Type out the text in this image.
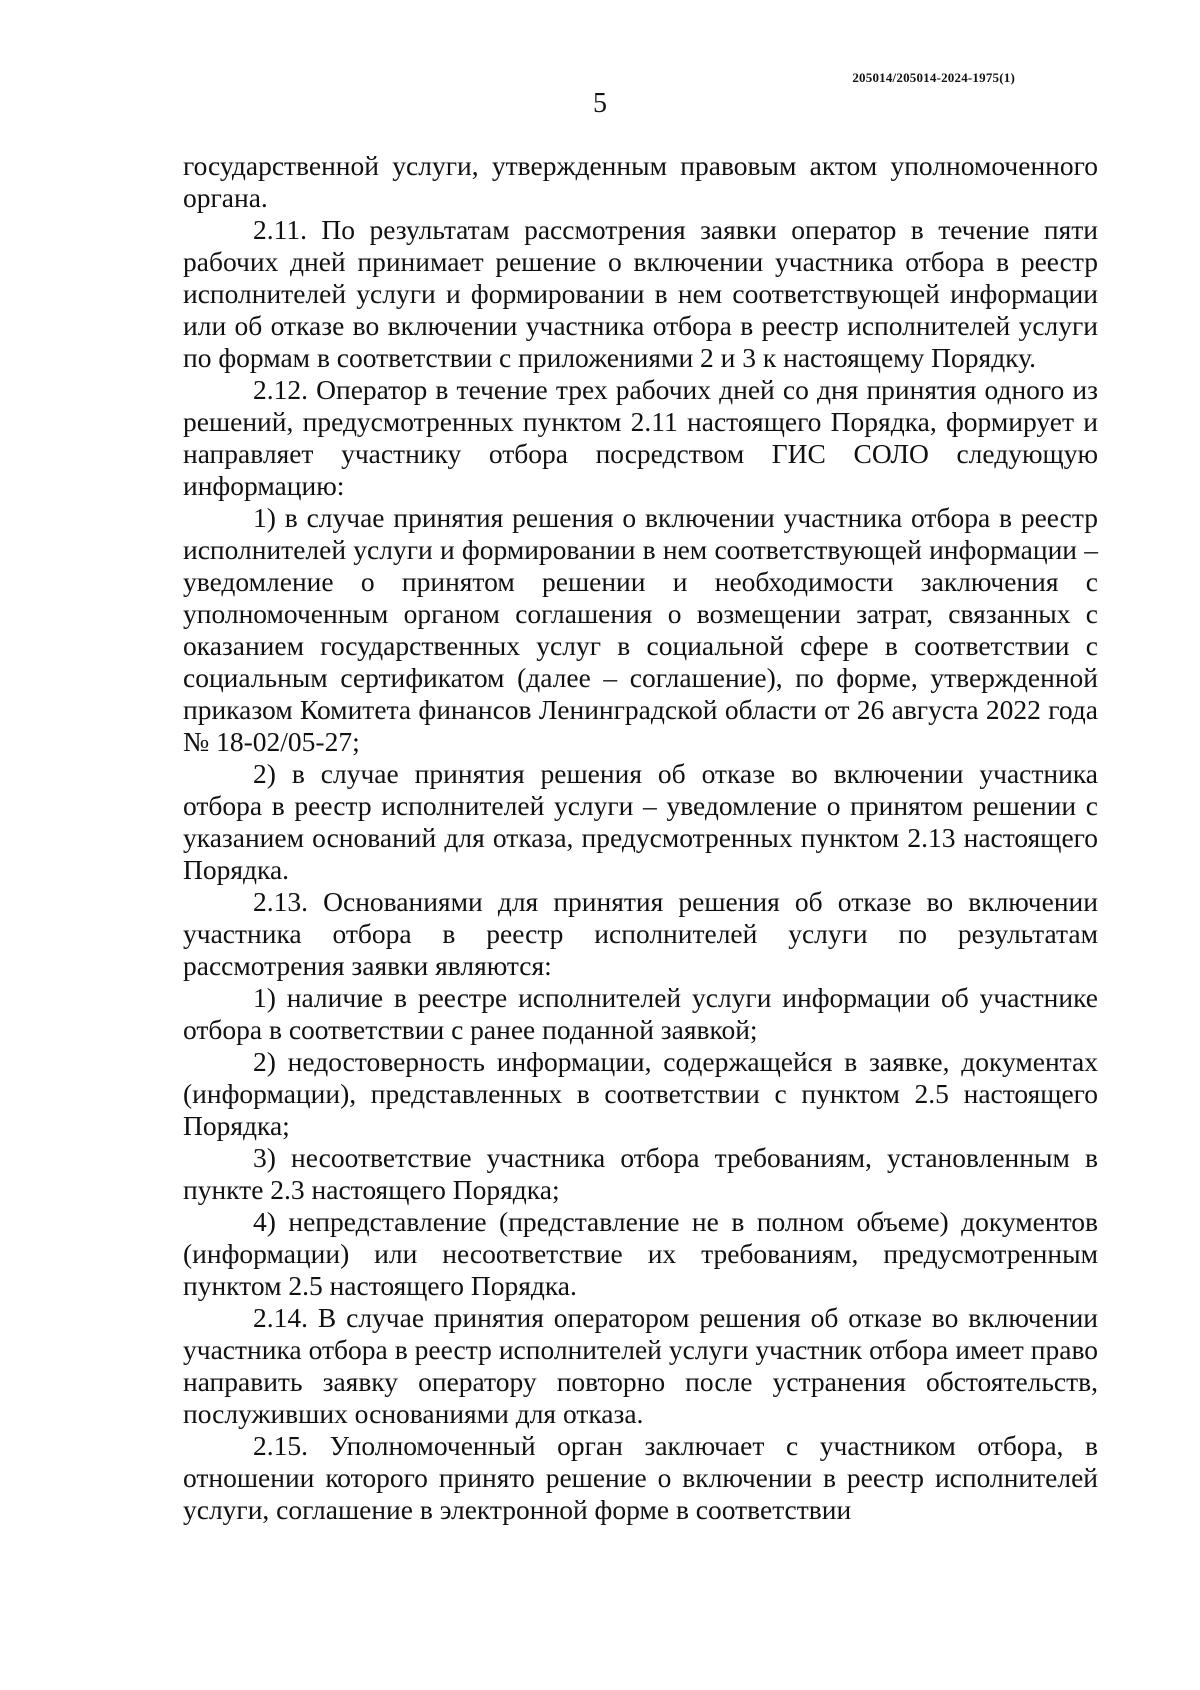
205014/205014-2024-1975(1)
5

государственной услуги, утвержденным правовым актом уполномоченного органа.

2.11. По результатам рассмотрения заявки оператор в течение пяти рабочих дней принимает решение о включении участника отбора в реестр исполнителей услуги и формировании в нем соответствующей информации или об отказе во включении участника отбора в реестр исполнителей услуги по формам в соответствии с приложениями 2 и 3 к настоящему Порядку.

2.12. Оператор в течение трех рабочих дней со дня принятия одного из решений, предусмотренных пунктом 2.11 настоящего Порядка, формирует и направляет участнику отбора посредством ГИС СОЛО следующую информацию:

1) в случае принятия решения о включении участника отбора в реестр исполнителей услуги и формировании в нем соответствующей информации – уведомление о принятом решении и необходимости заключения с уполномоченным органом соглашения о возмещении затрат, связанных с оказанием государственных услуг в социальной сфере в соответствии с социальным сертификатом (далее – соглашение), по форме, утвержденной приказом Комитета финансов Ленинградской области от 26 августа 2022 года № 18-02/05-27;

2) в случае принятия решения об отказе во включении участника отбора в реестр исполнителей услуги – уведомление о принятом решении с указанием оснований для отказа, предусмотренных пунктом 2.13 настоящего Порядка.

2.13. Основаниями для принятия решения об отказе во включении участника отбора в реестр исполнителей услуги по результатам рассмотрения заявки являются:

1) наличие в реестре исполнителей услуги информации об участнике отбора в соответствии с ранее поданной заявкой;

2) недостоверность информации, содержащейся в заявке, документах (информации), представленных в соответствии с пунктом 2.5 настоящего Порядка;

3) несоответствие участника отбора требованиям, установленным в пункте 2.3 настоящего Порядка;

4) непредставление (представление не в полном объеме) документов (информации) или несоответствие их требованиям, предусмотренным пунктом 2.5 настоящего Порядка.

2.14. В случае принятия оператором решения об отказе во включении участника отбора в реестр исполнителей услуги участник отбора имеет право направить заявку оператору повторно после устранения обстоятельств, послуживших основаниями для отказа.

2.15. Уполномоченный орган заключает с участником отбора, в отношении которого принято решение о включении в реестр исполнителей услуги, соглашение в электронной форме в соответствии
